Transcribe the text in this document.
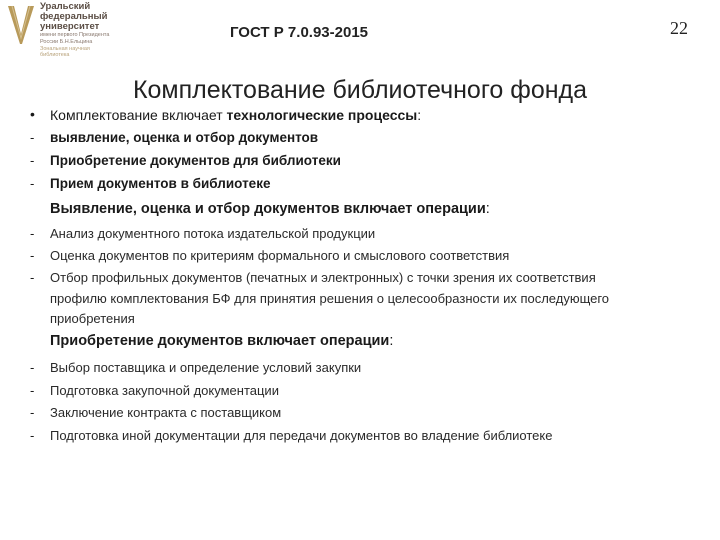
Уральский
федеральный
университет
имени первого Президента
России Б.Н.Ельцина
Зональная научная
библиотека
ГОСТ Р 7.0.93-2015	22
Комплектование библиотечного фонда
• Комплектование включает технологические процессы:
- выявление, оценка и отбор документов
- Приобретение документов для библиотеки
- Прием документов в библиотеке
Выявление, оценка и отбор документов включает операции:
- Анализ документного потока издательской продукции
- Оценка документов по критериям формального и смыслового соответствия
- Отбор профильных документов (печатных и электронных) с точки зрения их соответствия профилю комплектования БФ для принятия решения о целесообразности их последующего приобретения
Приобретение документов включает операции:
- Выбор поставщика и определение условий закупки
- Подготовка закупочной документации
- Заключение контракта с поставщиком
- Подготовка иной документации для передачи документов во владение библиотеке
